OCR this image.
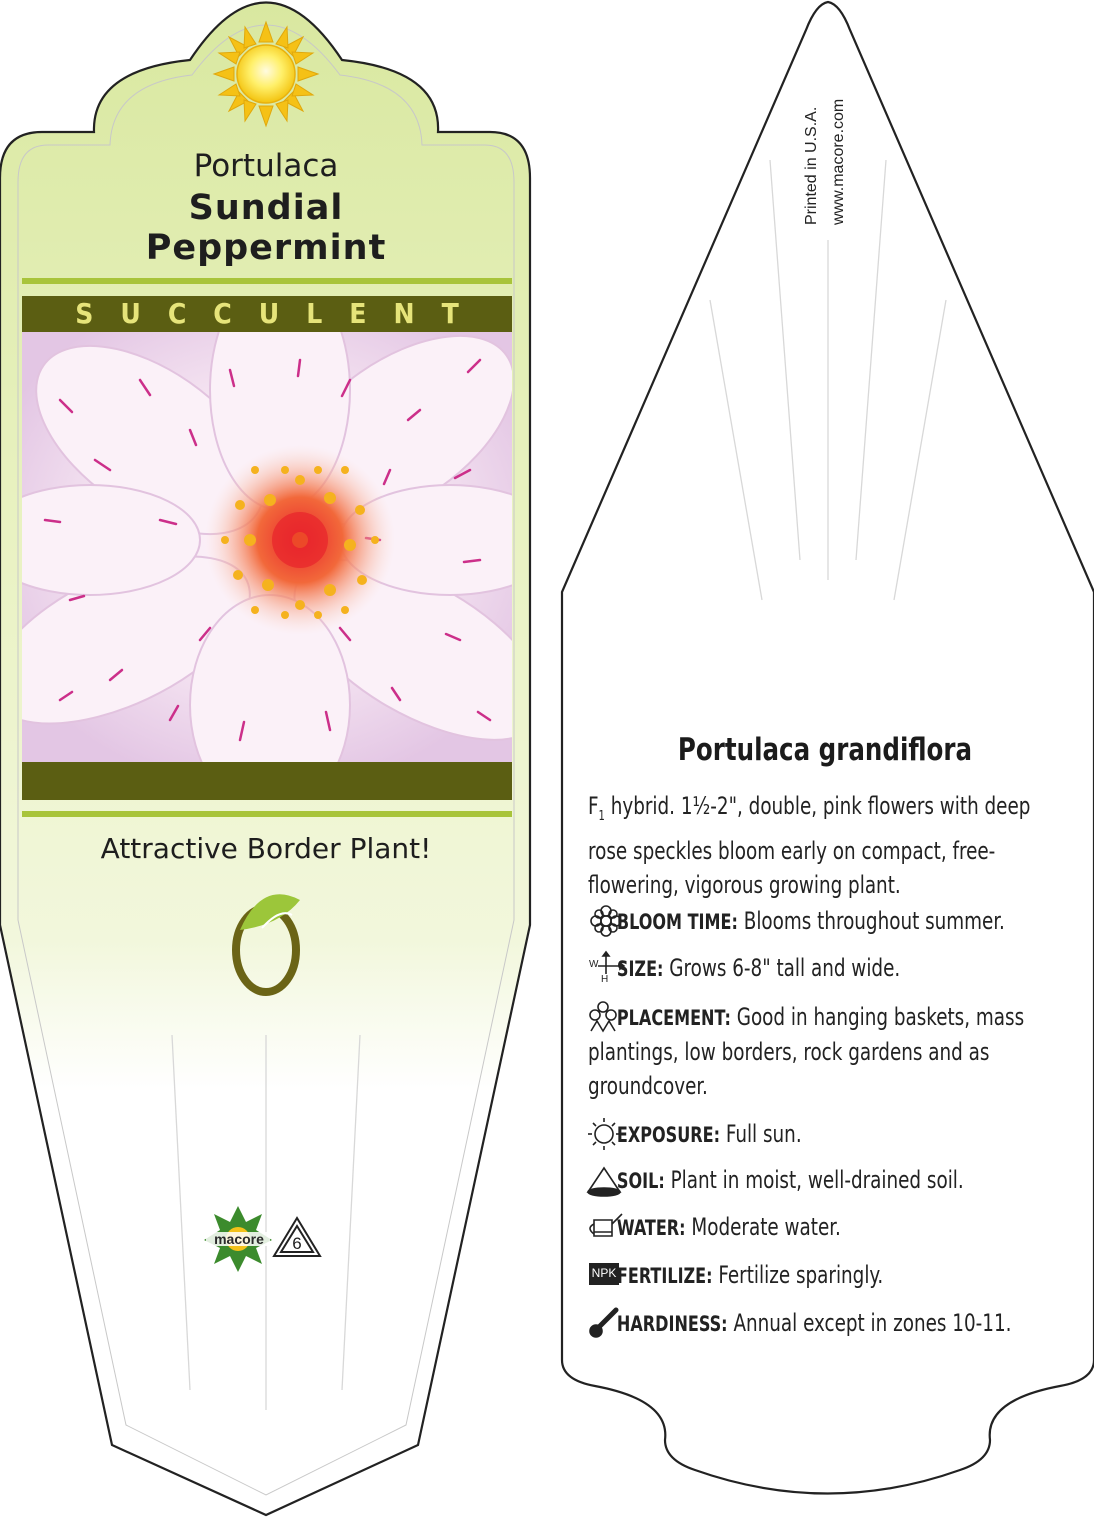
Portulaca
Sundial
Peppermint
SUCCULENT
Attractive Border Plant!
macore	6
Printed in U.S.A. www.macore.com
Portulaca grandiflora
$F_1$ hybrid. 1½-2", double, pink flowers with deep rose speckles bloom early on compact, free-flowering, vigorous growing plant.
BLOOM TIME: Blooms throughout summer.
SIZE: Grows 6-8" tall and wide.
PLACEMENT: Good in hanging baskets, mass plantings, low borders, rock gardens and as groundcover.
EXPOSURE: Full sun.
SOIL: Plant in moist, well-drained soil.
WATER: Moderate water.
FERTILIZE: Fertilize sparingly.
HARDINESS: Annual except in zones 10-11.
W
H
NPK
